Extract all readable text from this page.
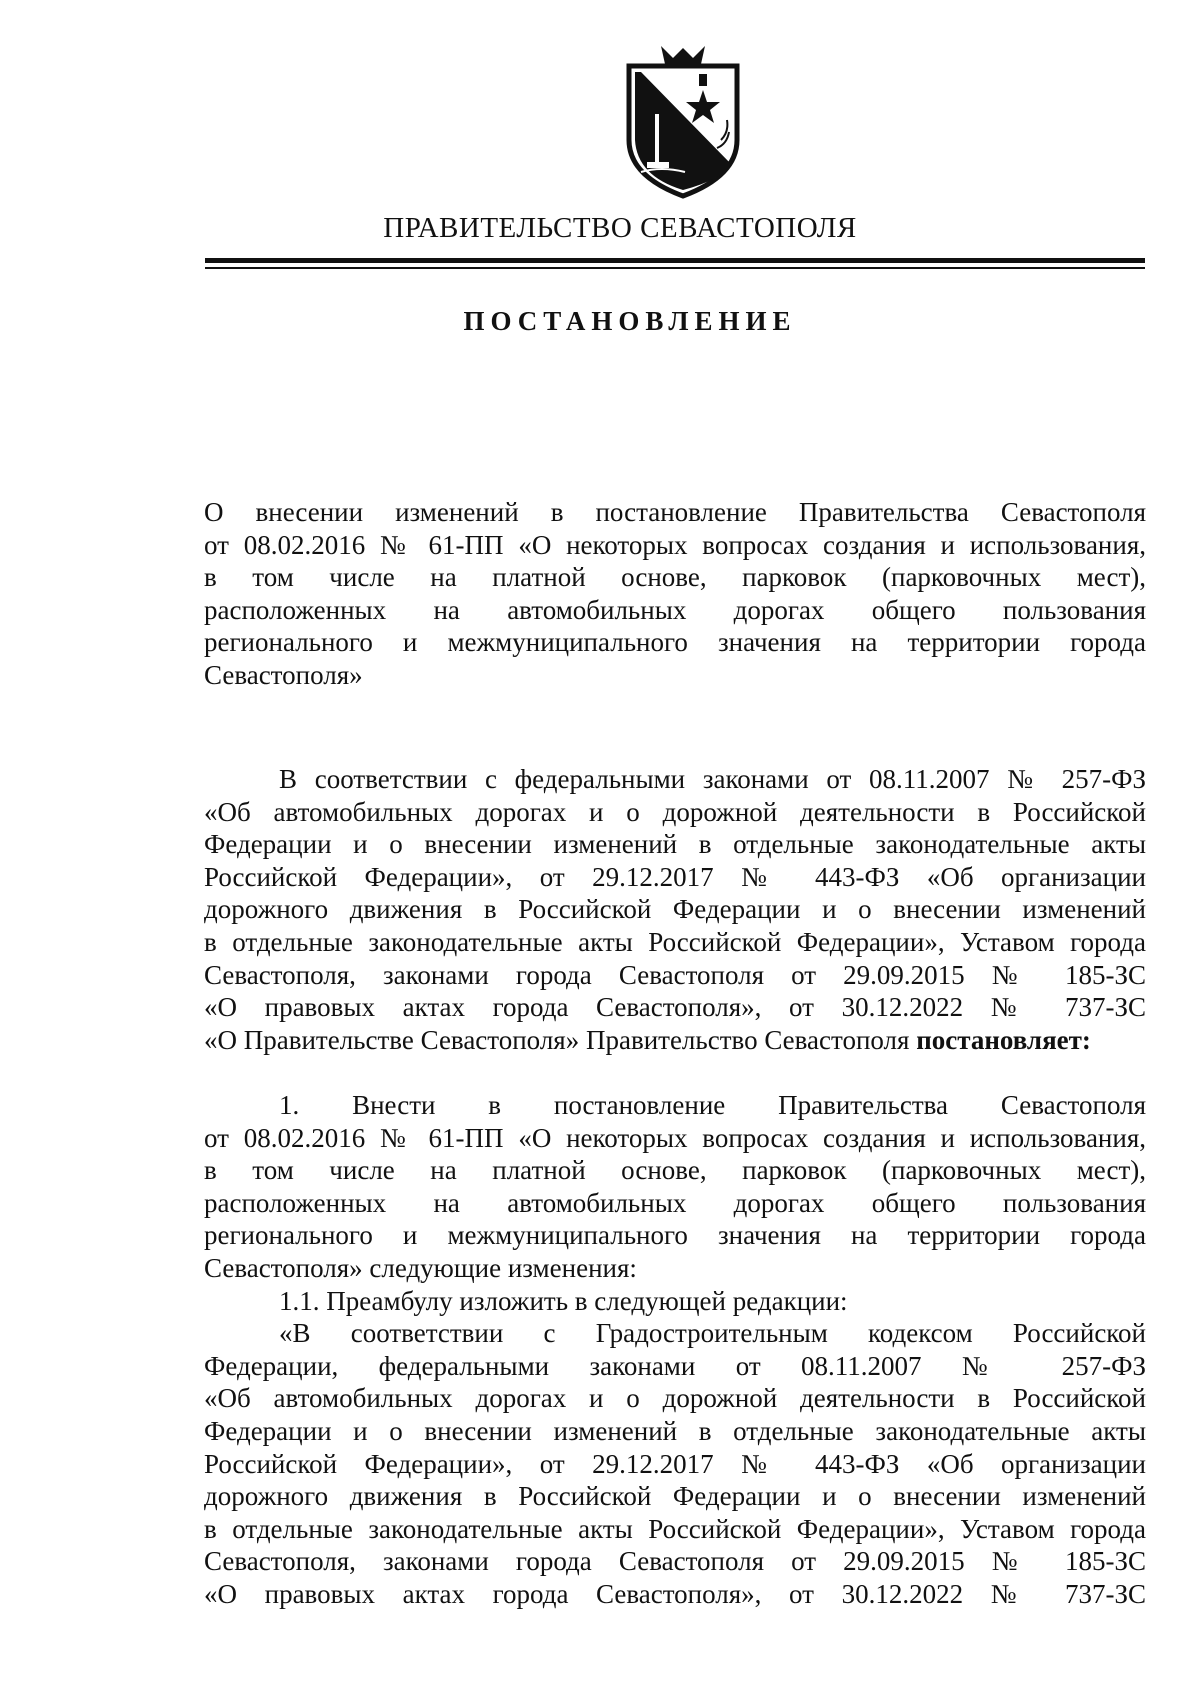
ПРАВИТЕЛЬСТВО СЕВАСТОПОЛЯ
ПОСТАНОВЛЕНИЕ
О внесении изменений в постановление Правительства Севастополя
от 08.02.2016 № 61-ПП «О некоторых вопросах создания и использования,
в том числе на платной основе, парковок (парковочных мест),
расположенных на автомобильных дорогах общего пользования
регионального и межмуниципального значения на территории города
Севастополя»
В соответствии с федеральными законами от 08.11.2007 № 257-ФЗ
«Об автомобильных дорогах и о дорожной деятельности в Российской
Федерации и о внесении изменений в отдельные законодательные акты
Российской Федерации», от 29.12.2017 № 443-ФЗ «Об организации
дорожного движения в Российской Федерации и о внесении изменений
в отдельные законодательные акты Российской Федерации», Уставом города
Севастополя, законами города Севастополя от 29.09.2015 № 185-ЗС
«О правовых актах города Севастополя», от 30.12.2022 № 737-ЗС
«О Правительстве Севастополя» Правительство Севастополя постановляет:
1. Внести в постановление Правительства Севастополя
от 08.02.2016 № 61-ПП «О некоторых вопросах создания и использования,
в том числе на платной основе, парковок (парковочных мест),
расположенных на автомобильных дорогах общего пользования
регионального и межмуниципального значения на территории города
Севастополя» следующие изменения:
1.1. Преамбулу изложить в следующей редакции:
«В соответствии с Градостроительным кодексом Российской
Федерации, федеральными законами от 08.11.2007 № 257-ФЗ
«Об автомобильных дорогах и о дорожной деятельности в Российской
Федерации и о внесении изменений в отдельные законодательные акты
Российской Федерации», от 29.12.2017 № 443-ФЗ «Об организации
дорожного движения в Российской Федерации и о внесении изменений
в отдельные законодательные акты Российской Федерации», Уставом города
Севастополя, законами города Севастополя от 29.09.2015 № 185-ЗС
«О правовых актах города Севастополя», от 30.12.2022 № 737-ЗС
